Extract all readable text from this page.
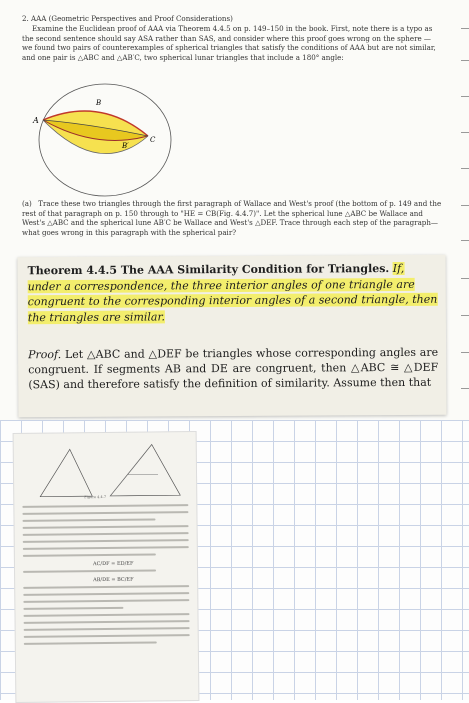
2. AAA (Geometric Perspectives and Proof Considerations)

Examine the Euclidean proof of AAA via Theorem 4.4.5 on p. 149–150 in the book. First, note there is a typo as the second sentence should say ASA rather than SAS, and consider where this proof goes wrong on the sphere — we found two pairs of counterexamples of spherical triangles that satisfy the conditions of AAA but are not similar, and one pair is △ABC and △AB′C, two spherical lunar triangles that include a 180° angle:

A
B
B′
C
(a) Trace these two triangles through the first paragraph of Wallace and West's proof (the bottom of p. 149 and the rest of that paragraph on p. 150 through to "HE = CB(Fig. 4.4.7)". Let the spherical lune △ABC be Wallace and West's △ABC and the spherical lune AB′C be Wallace and West's △DEF. Trace through each step of the paragraph—what goes wrong in this paragraph with the spherical pair?
Theorem 4.4.5 The AAA Similarity Condition for Triangles. If, under a correspondence, the three interior angles of one triangle are congruent to the corresponding interior angles of a second triangle, then the triangles are similar.
Proof. Let △ABC and △DEF be triangles whose corresponding angles are congruent. If segments AB and DE are congruent, then △ABC ≅ △DEF (SAS) and therefore satisfy the definition of similarity. Assume then that
Figure 4.4.7
AC/DF = ED/EF
AB/DE = BC/EF
